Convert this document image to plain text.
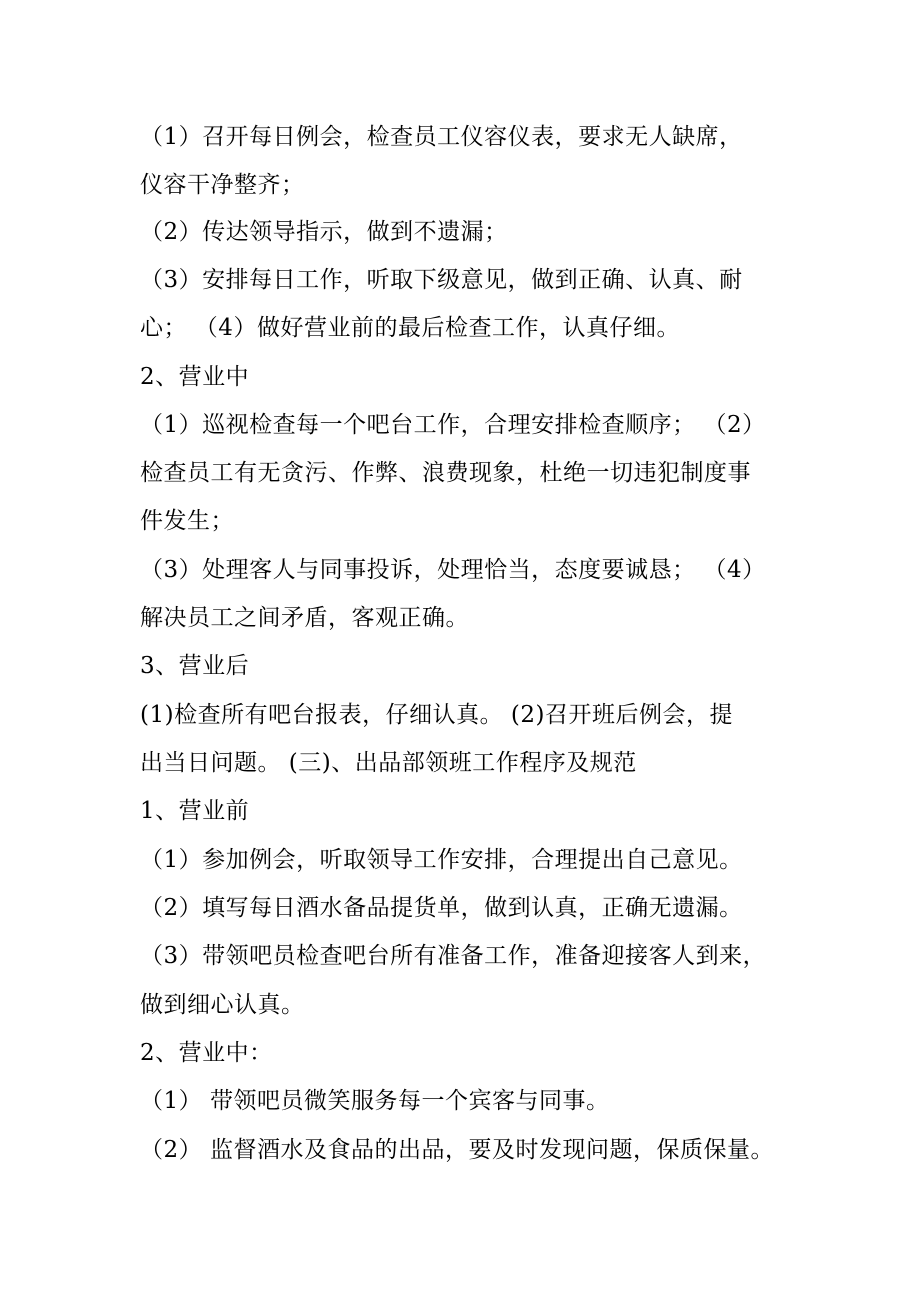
（1）召开每日例会，检查员工仪容仪表，要求无人缺席，
仪容干净整齐；
（2）传达领导指示，做到不遗漏；
（3）安排每日工作，听取下级意见，做到正确、认真、耐
心； （4）做好营业前的最后检查工作，认真仔细。
2、营业中
（1）巡视检查每一个吧台工作，合理安排检查顺序； （2）
检查员工有无贪污、作弊、浪费现象，杜绝一切违犯制度事
件发生；
（3）处理客人与同事投诉，处理恰当，态度要诚恳； （4）
解决员工之间矛盾，客观正确。
3、营业后
(1)检查所有吧台报表，仔细认真。 (2)召开班后例会，提
出当日问题。 (三)、出品部领班工作程序及规范
1、营业前
（1）参加例会，听取领导工作安排，合理提出自己意见。
（2）填写每日酒水备品提货单，做到认真，正确无遗漏。
（3）带领吧员检查吧台所有准备工作，准备迎接客人到来，
做到细心认真。
2、营业中：
（1） 带领吧员微笑服务每一个宾客与同事。
（2） 监督酒水及食品的出品，要及时发现问题，保质保量。
